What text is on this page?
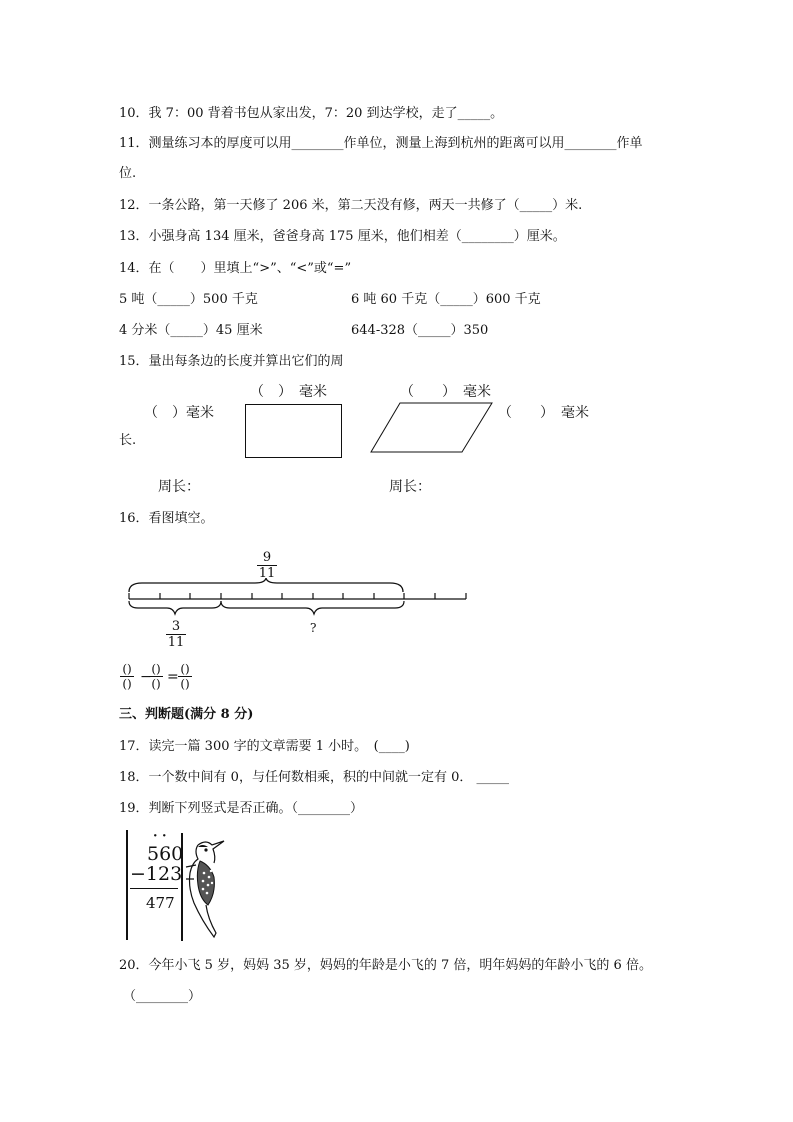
10．我 7：00 背着书包从家出发，7：20 到达学校，走了_____。
11．测量练习本的厚度可以用________作单位，测量上海到杭州的距离可以用________作单
位.
12．一条公路，第一天修了 206 米，第二天没有修，两天一共修了（_____）米.
13．小强身高 134 厘米，爸爸身高 175 厘米，他们相差（________）厘米。
14．在（　　）里填上“>”、“<”或“=”
5 吨（_____）500 千克	6 吨 60 千克（_____）600 千克
4 分米（_____）45 厘米	644-328（_____）350
15．量出每条边的长度并算出它们的周
（　）　毫米
（　）毫米
（　　）　毫米
（　　）　毫米
长.
周长：	周长：
16．看图填空。
9
11
3
11
?
()
() − ()
() = ()
()
三、判断题(满分 8 分)
17．读完一篇 300 字的文章需要 1 小时。　(____)
18．一个数中间有 0，与任何数相乘，积的中间就一定有 0． _____
19．判断下列竖式是否正确。（________）
· ·
560
−123
477
20．今年小飞 5 岁，妈妈 35 岁，妈妈的年龄是小飞的 7 倍，明年妈妈的年龄小飞的 6 倍。
（________）
